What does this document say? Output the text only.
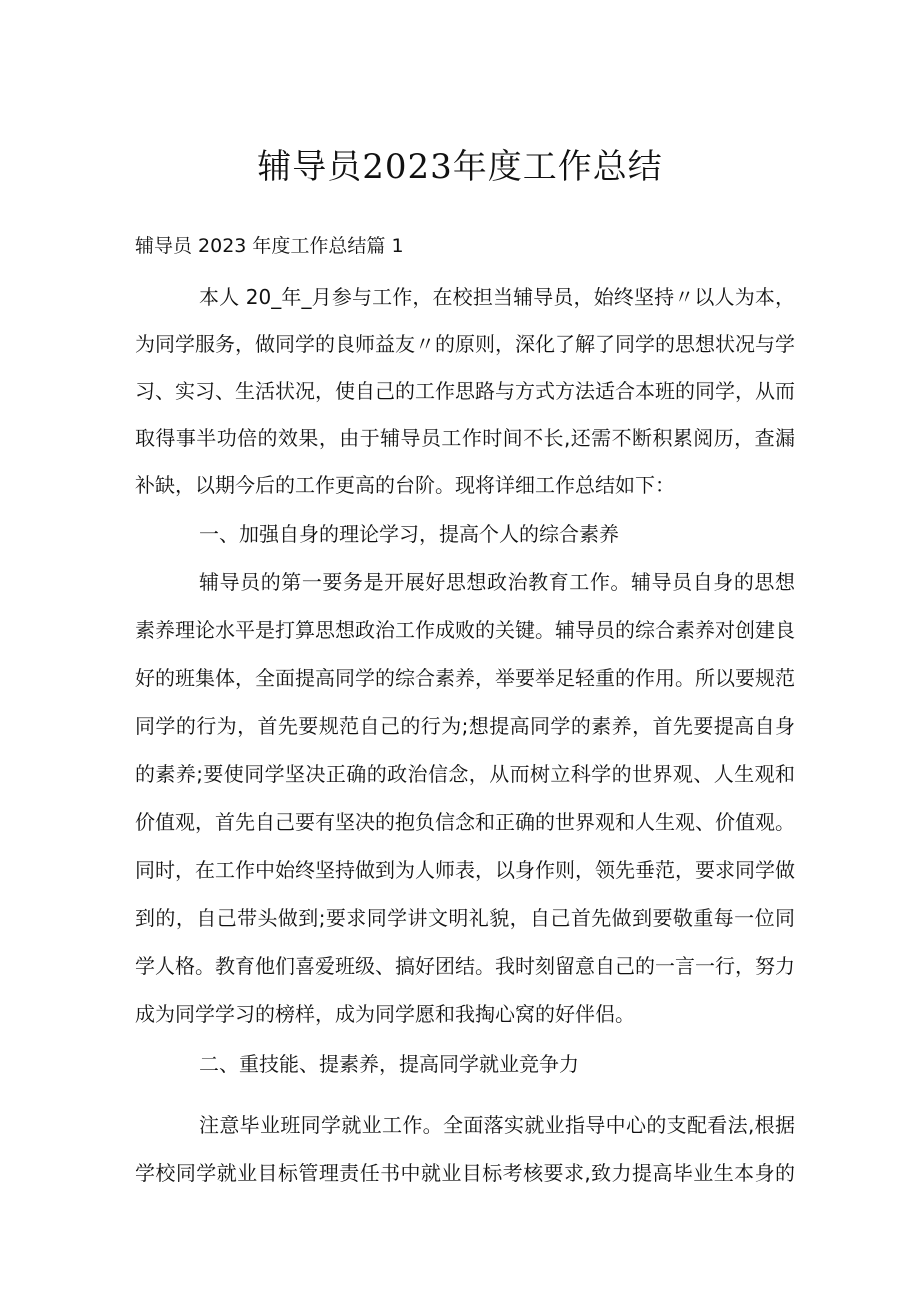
辅导员2023年度工作总结
辅导员 2023 年度工作总结篇 1
本人 20_年_月参与工作，在校担当辅导员，始终坚持〃以人为本，
为同学服务，做同学的良师益友〃的原则，深化了解了同学的思想状况与学
习、实习、生活状况，使自己的工作思路与方式方法适合本班的同学，从而
取得事半功倍的效果，由于辅导员工作时间不长,还需不断积累阅历，查漏
补缺，以期今后的工作更高的台阶。现将详细工作总结如下：
一、加强自身的理论学习，提高个人的综合素养
辅导员的第一要务是开展好思想政治教育工作。辅导员自身的思想
素养理论水平是打算思想政治工作成败的关键。辅导员的综合素养对创建良
好的班集体，全面提高同学的综合素养，举要举足轻重的作用。所以要规范
同学的行为，首先要规范自己的行为;想提高同学的素养，首先要提高自身
的素养;要使同学坚决正确的政治信念，从而树立科学的世界观、人生观和
价值观，首先自己要有坚决的抱负信念和正确的世界观和人生观、价值观。
同时，在工作中始终坚持做到为人师表，以身作则，领先垂范，要求同学做
到的，自己带头做到;要求同学讲文明礼貌，自己首先做到要敬重每一位同
学人格。教育他们喜爱班级、搞好团结。我时刻留意自己的一言一行，努力
成为同学学习的榜样，成为同学愿和我掏心窝的好伴侣。
二、重技能、提素养，提高同学就业竞争力
注意毕业班同学就业工作。全面落实就业指导中心的支配看法,根据
学校同学就业目标管理责任书中就业目标考核要求,致力提高毕业生本身的
